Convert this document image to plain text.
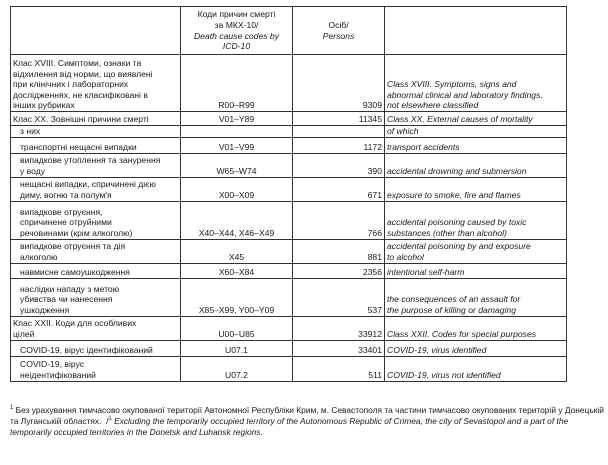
	Коди причин смерті
за МКХ-10/
Death cause codes by
ICD-10	Осіб/
Persons	

Клас XVIII. Симптоми, ознаки та
відхилення від норми, що виявлені
при клінічних і лабораторних
дослідженнях, не класифіковані в
інших рубриках	R00–R99	9309	Class XVIII. Symptoms, signs and
abnormal clinical and laboratory findings,
not elsewhere classified

Клас XX. Зовнішні причини смерті	V01–Y89	11345	Class XX. External causes of mortality

з них			of which

транспортні нещасні випадки	V01–V99	1172	transport accidents

випадкове утоплення та занурення
у воду	W65–W74	390	accidental drowning and submersion

нещасні випадки, спричинені дією
диму, вогню та полум'я	X00–X09	671	exposure to smoke, fire and flames

випадкове отруєння,
спричинене отруйними
речовинами (крім алкоголю)	X40–X44, X46–X49	766	accidental poisoning caused by toxic
substances (other than alcohol)

випадкове отруєння та дія
алкоголю	X45	881	accidental poisoning by and exposure
to alcohol

навмисне самоушкодження	X60–X84	2356	intentional self-harm

наслідки нападу з метою
убивства чи нанесення
ушкодження	X85–X99, Y00–Y09	537	the consequences of an assault for
the purpose of killing or damaging

Клас XXII. Коди для особливих
цілей	U00–U85	33912	Class XXII. Codes for special purposes

COVID-19, вірус ідентифікований	U07.1	33401	COVID-19, virus identified

COVID-19, вірус
неідентифікований	U07.2	511	COVID-19, virus not identified
$^1$ Без урахування тимчасово окупованої території Автономної Республіки Крим, м. Севастополя та частини тимчасово окупованих територій у Донецькій та Луганській областях. /$^1$ Excluding the temporarily occupied territory of the Autonomous Republic of Crimea, the city of Sevastopol and a part of the temporarily occupied territories in the Donetsk and Luhansk regions.
